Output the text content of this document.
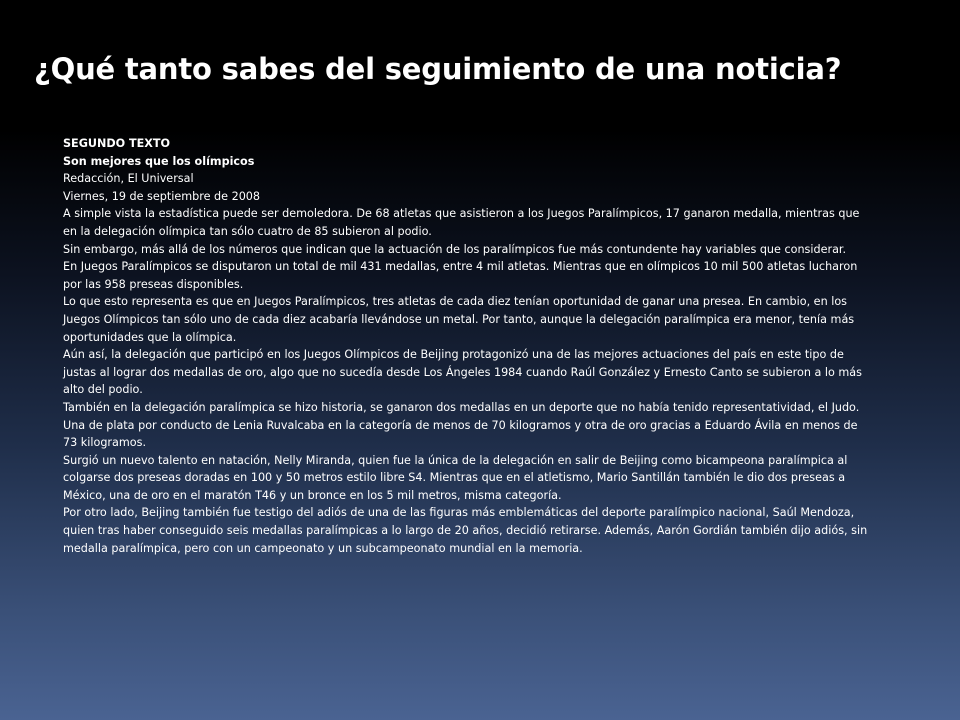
¿Qué tanto sabes del seguimiento de una noticia?

SEGUNDO TEXTO

Son mejores que los olímpicos

Redacción, El Universal

Viernes, 19 de septiembre de 2008

A simple vista la estadística puede ser demoledora. De 68 atletas que asistieron a los Juegos Paralímpicos, 17 ganaron medalla, mientras que en la delegación olímpica tan sólo cuatro de 85 subieron al podio.

Sin embargo, más allá de los números que indican que la actuación de los paralímpicos fue más contundente hay variables que considerar.

En Juegos Paralímpicos se disputaron un total de mil 431 medallas, entre 4 mil atletas. Mientras que en olímpicos 10 mil 500 atletas lucharon por las 958 preseas disponibles.

Lo que esto representa es que en Juegos Paralímpicos, tres atletas de cada diez tenían oportunidad de ganar una presea. En cambio, en los Juegos Olímpicos tan sólo uno de cada diez acabaría llevándose un metal. Por tanto, aunque la delegación paralímpica era menor, tenía más oportunidades que la olímpica.

Aún así, la delegación que participó en los Juegos Olímpicos de Beijing protagonizó una de las mejores actuaciones del país en este tipo de justas al lograr dos medallas de oro, algo que no sucedía desde Los Ángeles 1984 cuando Raúl González y Ernesto Canto se subieron a lo más alto del podio.

También en la delegación paralímpica se hizo historia, se ganaron dos medallas en un deporte que no había tenido representatividad, el Judo. Una de plata por conducto de Lenia Ruvalcaba en la categoría de menos de 70 kilogramos y otra de oro gracias a Eduardo Ávila en menos de 73 kilogramos.

Surgió un nuevo talento en natación, Nelly Miranda, quien fue la única de la delegación en salir de Beijing como bicampeona paralímpica al colgarse dos preseas doradas en 100 y 50 metros estilo libre S4. Mientras que en el atletismo, Mario Santillán también le dio dos preseas a México, una de oro en el maratón T46 y un bronce en los 5 mil metros, misma categoría.

Por otro lado, Beijing también fue testigo del adiós de una de las figuras más emblemáticas del deporte paralímpico nacional, Saúl Mendoza, quien tras haber conseguido seis medallas paralímpicas a lo largo de 20 años, decidió retirarse. Además, Aarón Gordián también dijo adiós, sin medalla paralímpica, pero con un campeonato y un subcampeonato mundial en la memoria.
